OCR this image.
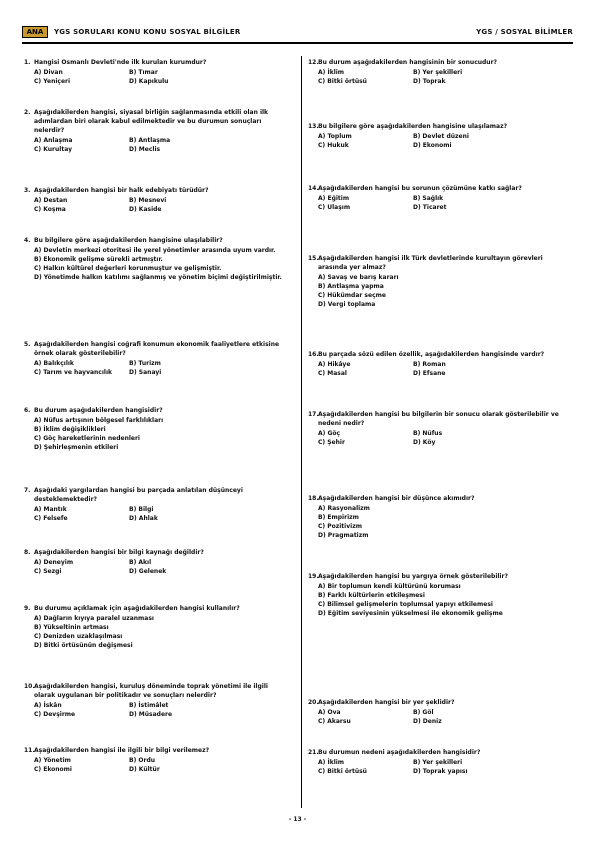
ANA	YGS SORULARI KONU KONU SOSYAL BİLGİLER	YGS / SOSYAL BİLİMLER

1. Hangisi Osmanlı Devleti'nde ilk kurulan kurumdur?

A) Divan	B) Tımar
C) Yeniçeri	D) Kapıkulu

2. Aşağıdakilerden hangisi, siyasal birliğin sağlanmasında etkili olan ilk adımlardan biri olarak kabul edilmektedir ve bu durumun sonuçları nelerdir?

A) Anlaşma	B) Antlaşma
C) Kurultay	D) Meclis

3. Aşağıdakilerden hangisi bir halk edebiyatı türüdür?

A) Destan	B) Mesnevi
C) Koşma	D) Kaside

4. Bu bilgilere göre aşağıdakilerden hangisine ulaşılabilir?

A) Devletin merkezi otoritesi ile yerel yönetimler arasında uyum vardır.
B) Ekonomik gelişme sürekli artmıştır.
C) Halkın kültürel değerleri korunmuştur ve gelişmiştir.
D) Yönetimde halkın katılımı sağlanmış ve yönetim biçimi değiştirilmiştir.

5. Aşağıdakilerden hangisi coğrafi konumun ekonomik faaliyetlere etkisine örnek olarak gösterilebilir?

A) Balıkçılık	B) Turizm
C) Tarım ve hayvancılık	D) Sanayi

6. Bu durum aşağıdakilerden hangisidir?

A) Nüfus artışının bölgesel farklılıkları
B) İklim değişiklikleri
C) Göç hareketlerinin nedenleri
D) Şehirleşmenin etkileri

7. Aşağıdaki yargılardan hangisi bu parçada anlatılan düşünceyi desteklemektedir?

A) Mantık	B) Bilgi
C) Felsefe	D) Ahlak

8. Aşağıdakilerden hangisi bir bilgi kaynağı değildir?

A) Deneyim	B) Akıl
C) Sezgi	D) Gelenek

9. Bu durumu açıklamak için aşağıdakilerden hangisi kullanılır?

A) Dağların kıyıya paralel uzanması
B) Yükseltinin artması
C) Denizden uzaklaşılması
D) Bitki örtüsünün değişmesi

10.Aşağıdakilerden hangisi, kuruluş döneminde toprak yönetimi ile ilgili olarak uygulanan bir politikadır ve sonuçları nelerdir?

A) İskân	B) İstimâlet
C) Devşirme	D) Müsadere

11.Aşağıdakilerden hangisi ile ilgili bir bilgi verilemez?

A) Yönetim	B) Ordu
C) Ekonomi	D) Kültür

12.Bu durum aşağıdakilerden hangisinin bir sonucudur?

A) İklim	B) Yer şekilleri
C) Bitki örtüsü	D) Toprak

13.Bu bilgilere göre aşağıdakilerden hangisine ulaşılamaz?

A) Toplum	B) Devlet düzeni
C) Hukuk	D) Ekonomi

14.Aşağıdakilerden hangisi bu sorunun çözümüne katkı sağlar?

A) Eğitim	B) Sağlık
C) Ulaşım	D) Ticaret

15.Aşağıdakilerden hangisi ilk Türk devletlerinde kurultayın görevleri arasında yer almaz?

A) Savaş ve barış kararı
B) Antlaşma yapma
C) Hükümdar seçme
D) Vergi toplama

16.Bu parçada sözü edilen özellik, aşağıdakilerden hangisinde vardır?

A) Hikâye	B) Roman
C) Masal	D) Efsane

17.Aşağıdakilerden hangisi bu bilgilerin bir sonucu olarak gösterilebilir ve nedeni nedir?

A) Göç	B) Nüfus
C) Şehir	D) Köy

18.Aşağıdakilerden hangisi bir düşünce akımıdır?

A) Rasyonalizm
B) Empirizm
C) Pozitivizm
D) Pragmatizm

19.Aşağıdakilerden hangisi bu yargıya örnek gösterilebilir?

A) Bir toplumun kendi kültürünü koruması
B) Farklı kültürlerin etkileşmesi
C) Bilimsel gelişmelerin toplumsal yapıyı etkilemesi
D) Eğitim seviyesinin yükselmesi ile ekonomik gelişme

20.Aşağıdakilerden hangisi bir yer şeklidir?

A) Ova	B) Göl
C) Akarsu	D) Deniz

21.Bu durumun nedeni aşağıdakilerden hangisidir?

A) İklim	B) Yer şekilleri
C) Bitki örtüsü	D) Toprak yapısı
- 13 -
